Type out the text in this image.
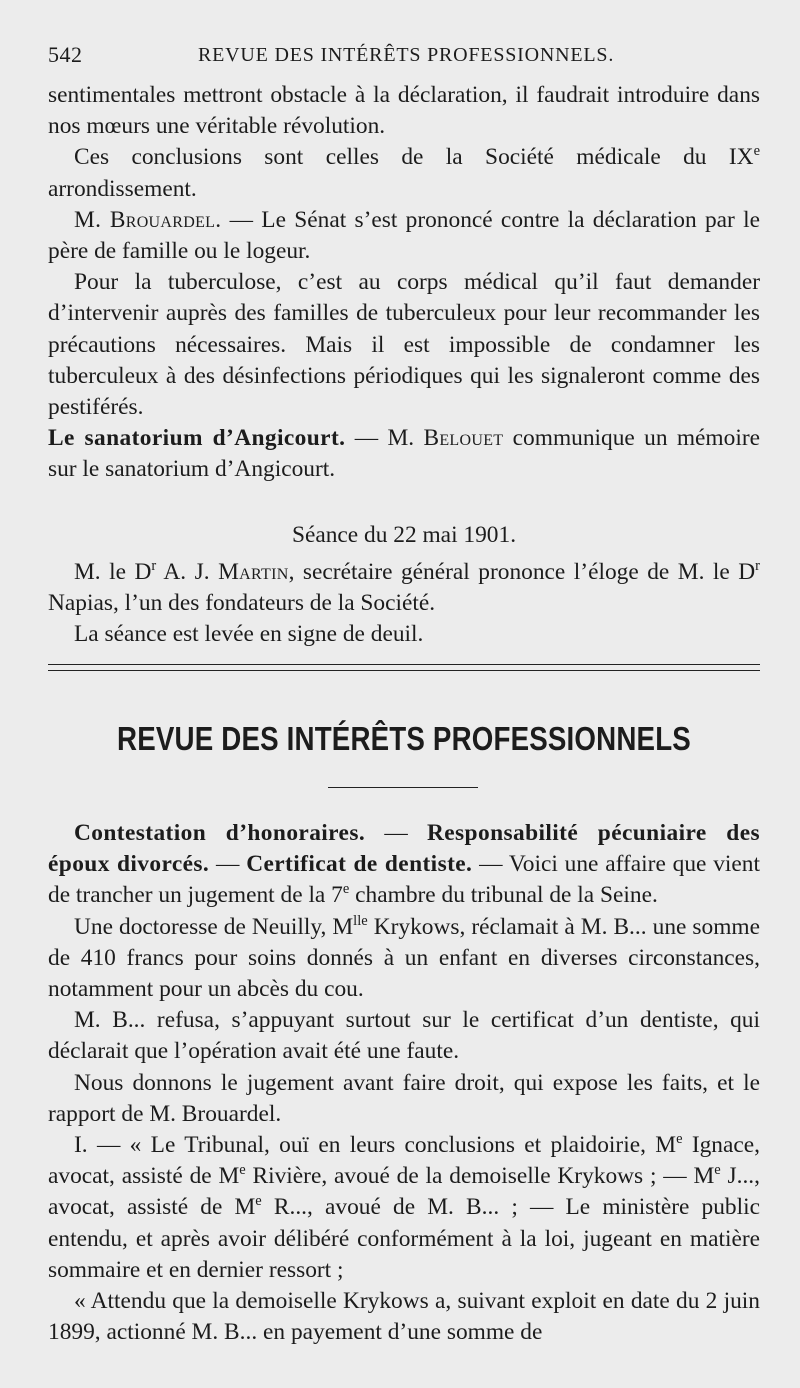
542	REVUE DES INTÉRÊTS PROFESSIONNELS.

sentimentales mettront obstacle à la déclaration, il faudrait introduire dans nos mœurs une véritable révolution.

Ces conclusions sont celles de la Société médicale du IXe arrondissement.

M. Brouardel. — Le Sénat s’est prononcé contre la déclaration par le père de famille ou le logeur.

Pour la tuberculose, c’est au corps médical qu’il faut demander d’intervenir auprès des familles de tuberculeux pour leur recommander les précautions nécessaires. Mais il est impossible de condamner les tuberculeux à des désinfections périodiques qui les signaleront comme des pestiférés.

Le sanatorium d’Angicourt. — M. Belouet communique un mémoire sur le sanatorium d’Angicourt.

Séance du 22 mai 1901.

M. le $D^r$ A. J. Martin, secrétaire général prononce l’éloge de M. le $D^r$ Napias, l’un des fondateurs de la Société.

La séance est levée en signe de deuil.

REVUE DES INTÉRÊTS PROFESSIONNELS

Contestation d’honoraires. — Responsabilité pécuniaire des époux divorcés. — Certificat de dentiste. — Voici une affaire que vient de trancher un jugement de la 7e chambre du tribunal de la Seine.

Une doctoresse de Neuilly, $M^{lle}$ Krykows, réclamait à M. B... une somme de 410 francs pour soins donnés à un enfant en diverses circonstances, notamment pour un abcès du cou.

M. B... refusa, s’appuyant surtout sur le certificat d’un dentiste, qui déclarait que l’opération avait été une faute.

Nous donnons le jugement avant faire droit, qui expose les faits, et le rapport de M. Brouardel.

I. — « Le Tribunal, ouï en leurs conclusions et plaidoirie, Me Ignace, avocat, assisté de Me Rivière, avoué de la demoiselle Krykows ; — Me J..., avocat, assisté de Me R..., avoué de M. B... ; — Le ministère public entendu, et après avoir délibéré conformément à la loi, jugeant en matière sommaire et en dernier ressort ;

« Attendu que la demoiselle Krykows a, suivant exploit en date du 2 juin 1899, actionné M. B... en payement d’une somme de
